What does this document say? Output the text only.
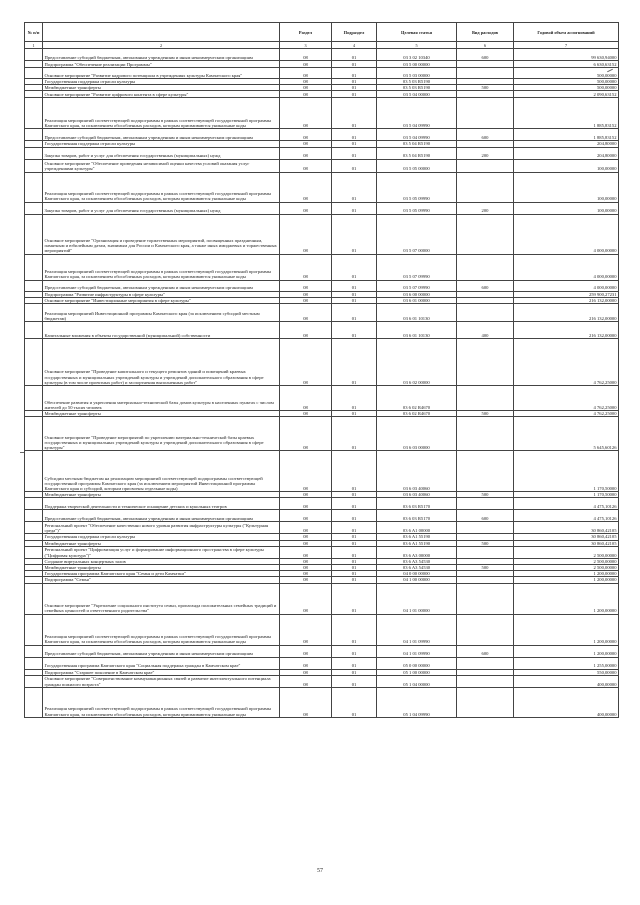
№ п/п		Раздел	Подраздел	Целевая статья	Вид расходов	Годовой объем ассигнований
1	2	3	4	5	6	7
	Предоставление субсидий бюджетным, автономным учреждениям и иным некоммерческим организациям	08	01	03 3 02 10340	600	99 630,94000
	Подпрограмма "Обеспечение реализации Программы"	08	01	03 5 00 00000		6 630,63152
	Основное мероприятие "Развитие кадрового потенциала в учреждениях культуры Камчатского края"	08	01	03 5 03 00000		500,00000
	Государственная поддержка отрасли культуры	08	01	03 5 03 R5190		500,00000
	Межбюджетные трансферты	08	01	03 5 03 R5190	500	500,00000
	Основное мероприятие "Развитие цифрового контента в сфере культуры"	08	01	03 5 04 00000		2 090,63152
	Реализация мероприятий соответствующей подпрограммы в рамках соответствующей государственной программы Камчатского края, за исключением обособленных расходов, которым присваиваются уникальные коды	08	01	03 5 04 09990		1 885,83152
	Предоставление субсидий бюджетным, автономным учреждениям и иным некоммерческим организациям	08	01	03 5 04 09990	600	1 885,83152
	Государственная поддержка отрасли культуры	08	01	03 5 04 R5190		204,80000
	Закупка товаров, работ и услуг для обеспечения государственных (муниципальных) нужд	08	01	03 5 04 R5190	200	204,80000
	Основное мероприятие "Обеспечение проведения независимой оценки качества условий оказания услуг учреждениями культуры"	08	01	03 5 05 00000		100,00000
	Реализация мероприятий соответствующей подпрограммы в рамках соответствующей государственной программы Камчатского края, за исключением обособленных расходов, которым присваиваются уникальные коды	08	01	03 5 05 09990		100,00000
	Закупка товаров, работ и услуг для обеспечения государственных (муниципальных) нужд	08	01	03 5 05 09990	200	100,00000
	Основное мероприятие "Организация и проведение торжественных мероприятий, посвященных праздничным, памятным и юбилейным датам, значимым для России и Камчатского края, а также иных имиджевых и торжественных мероприятий"	08	01	03 5 07 00000		4 000,00000
	Реализация мероприятий соответствующей подпрограммы в рамках соответствующей государственной программы Камчатского края, за исключением обособленных расходов, которым присваиваются уникальные коды	08	01	03 5 07 09990		4 000,00000
	Предоставление субсидий бюджетным, автономным учреждениям и иным некоммерческим организациям	08	01	03 5 07 09990	600	4 000,00000
	Подпрограмма "Развитие инфраструктуры в сфере культуры"	08	01	03 6 00 00000		259 900,27231
	Основное мероприятие "Инвестиционные мероприятия в сфере культуры"	08	01	03 6 01 00000		216 132,00000
	Реализация мероприятий Инвестиционной программы Камчатского края (за исключением субсидий местным бюджетам)	08	01	03 6 01 10130		216 132,00000
	Капитальные вложения в объекты государственной (муниципальной) собственности	08	01	03 6 01 10130	400	216 132,00000
	Основное мероприятие "Проведение капитального и текущего ремонтов зданий и помещений краевых государственных и муниципальных учреждений культуры и учреждений дополнительного образования в сфере культуры (в том числе проектных работ) и заспортнения выполненных работ"	08	01	03 6 02 00000		4 762,25000
	Обеспечение развития и укрепления материально-технической базы домов культуры в населенных пунктах с числом жителей до 50 тысяч человек	08	01	03 6 02 R4670		4 762,25000
	Межбюджетные трансферты	08	01	03 6 02 R4670	500	4 762,25000
	Основное мероприятие "Проведение мероприятий по укреплению материально-технической базы краевых государственных и муниципальных учреждений культуры и учреждений дополнительного образования в сфере культуры"	08	01	03 6 03 00000		5 645,60126
	Субсидии местным бюджетам на реализацию мероприятий соответствующей подпрограммы соответствующей государственной программы Камчатского края (за исключением мероприятий Инвестиционной программы Камчатского края и субсидий, которым присвоены отдельные коды)	08	01	03 6 03 40060		1 170,50000
	Межбюджетные трансферты	08	01	03 6 03 40060	500	1 170,50000
	Поддержка творческой деятельности и техническое оснащение детских и кукольных театров	08	01	03 6 03 R5170		4 475,10126
	Предоставление субсидий бюджетным, автономным учреждениям и иным некоммерческим организациям	08	01	03 6 03 R5170	600	4 475,10126
	Региональный проект "Обеспечение качественно нового уровня развития инфраструктуры культуры ("Культурная среда")"	08	01	03 6 A1 00000		30 860,42105
	Государственная поддержка отрасли культуры	08	01	03 6 A1 55190		30 860,42105
	Межбюджетные трансферты	08	01	03 6 A1 55190	500	30 860,42105
	Региональный проект "Цифровизация услуг и формирование информационного пространства в сфере культуры ("Цифровая культура")"	08	01	03 6 A3 00000		2 500,00000
	Создание виртуальных концертных залов	08	01	03 6 A3 54530		2 500,00000
	Межбюджетные трансферты	08	01	03 6 A3 54530	500	2 500,00000
	Государственная программа Камчатского края "Семья и дети Камчатки"	08	01	04 0 00 00000		1 200,00000
	Подпрограмма "Семья"	08	01	04 1 00 00000		1 200,00000
	Основное мероприятие "Укрепление социального института семьи, пропаганда положительных семейных традиций и семейных ценностей и ответственного родительства"	08	01	04 1 01 00000		1 200,00000
	Реализация мероприятий соответствующей подпрограммы в рамках соответствующей государственной программы Камчатского края, за исключением обособленных расходов, которым присваиваются уникальные коды	08	01	04 1 01 09990		1 200,00000
	Предоставление субсидий бюджетным, автономным учреждениям и иным некоммерческим организациям	08	01	04 1 01 09990	600	1 200,00000
	Государственная программа Камчатского края "Социальная поддержка граждан в Камчатском крае"	08	01	05 0 00 00000		1 255,00000
	Подпрограмма "Старшее поколение в Камчатском крае"	08	01	05 1 00 00000		550,00000
	Основное мероприятие "Совершенствование коммуникационных связей и развитие интеллектуального потенциала граждан пожилого возраста"	08	01	05 1 04 00000		400,00000
	Реализация мероприятий соответствующей подпрограммы в рамках соответствующей государственной программы Камчатского края, за исключением обособленных расходов, которым присваиваются уникальные коды	08	01	05 1 04 09990		400,00000
57
